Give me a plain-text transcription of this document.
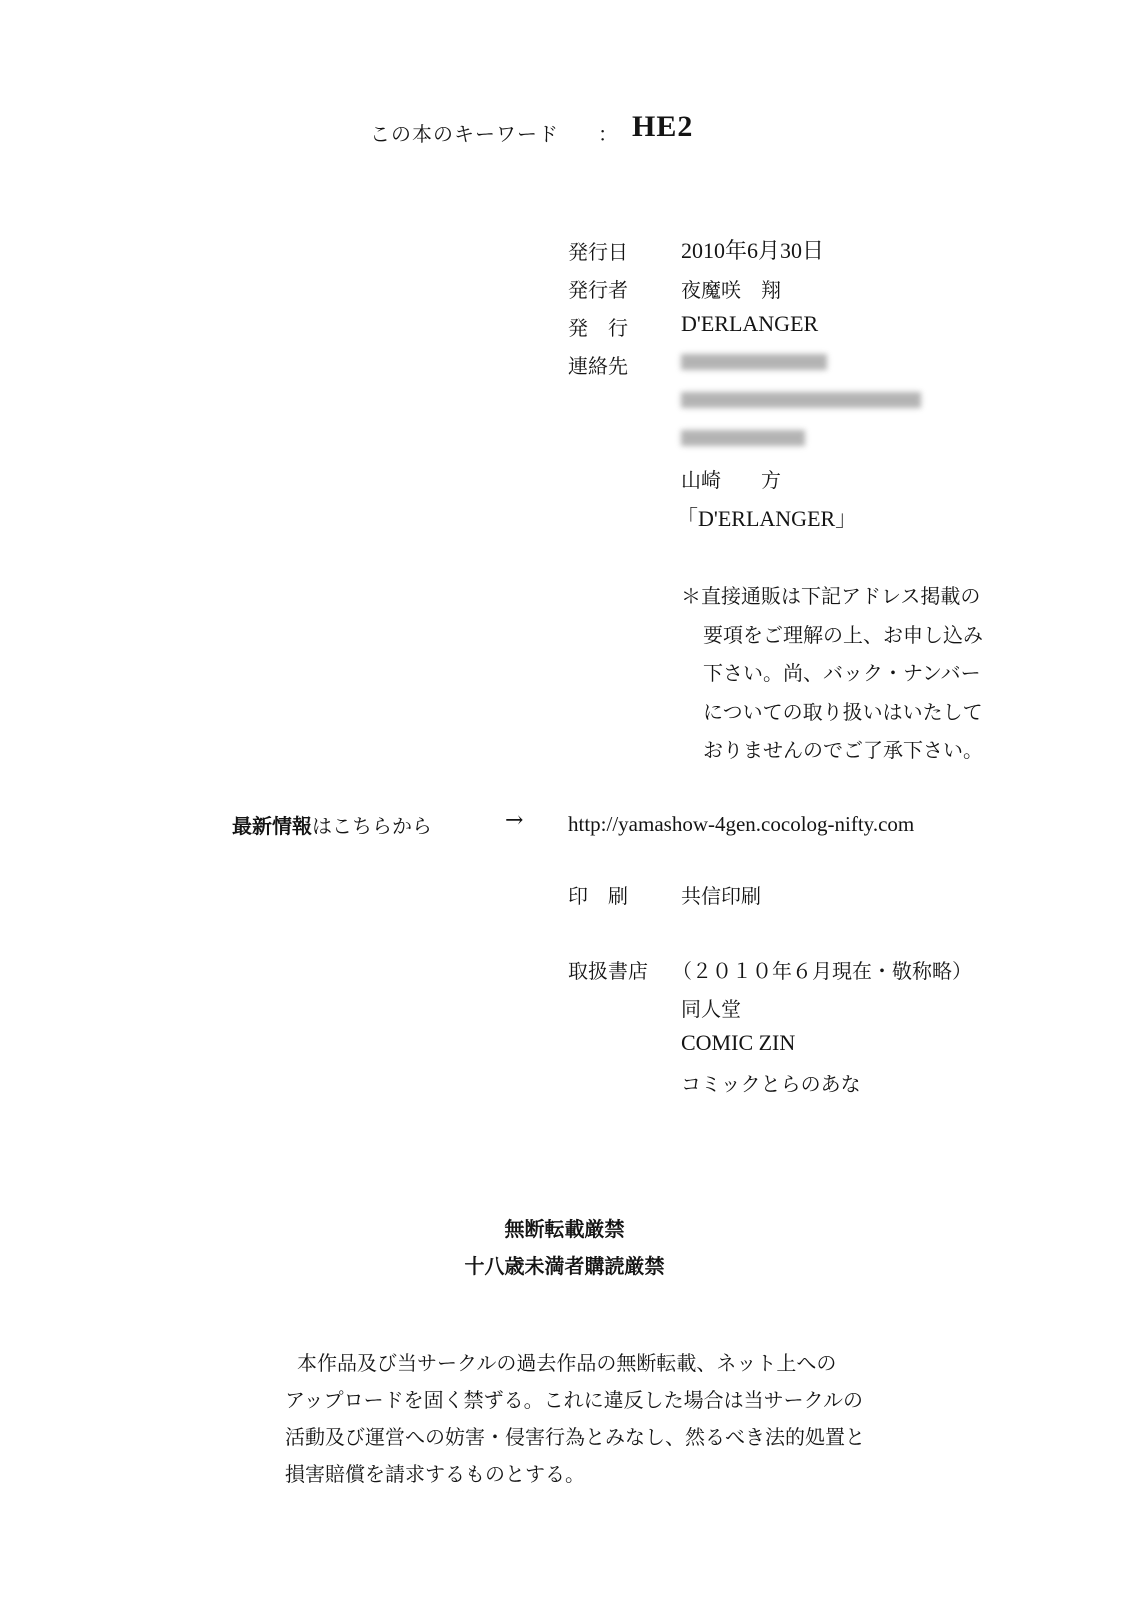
この本のキーワード ： HE2
発行日 2010年6月30日
発行者	夜魔咲　翔
発　行 D'ERLANGER
連絡先
山崎　　方
「D'ERLANGER」
＊直接通販は下記アドレス掲載の
要項をご理解の上、お申し込み
下さい。尚、バック・ナンバー
についての取り扱いはいたして
おりませんのでご了承下さい。
最新情報はこちらから	→ http://yamashow-4gen.cocolog-nifty.com
印　刷	共信印刷
取扱書店 （２０１０年６月現在・敬称略）
同人堂
COMIC ZIN
コミックとらのあな
無断転載厳禁
十八歳未満者購読厳禁
本作品及び当サークルの過去作品の無断転載、ネット上への
アップロードを固く禁ずる。これに違反した場合は当サークルの
活動及び運営への妨害・侵害行為とみなし、然るべき法的処置と
損害賠償を請求するものとする。
